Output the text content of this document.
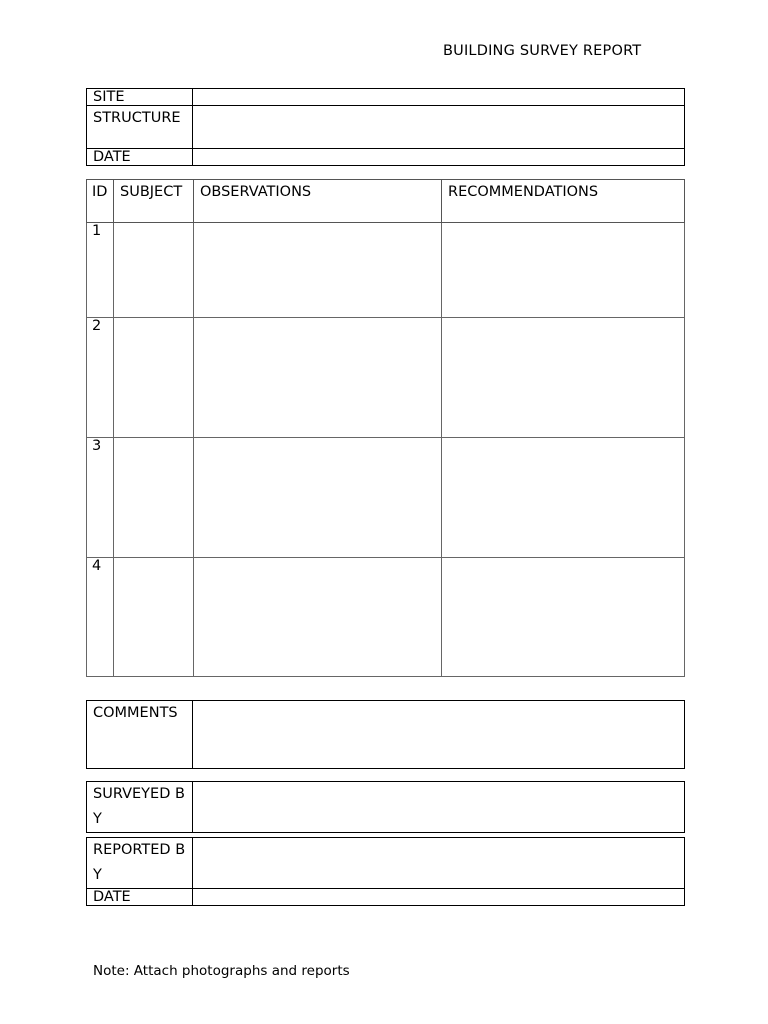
BUILDING SURVEY REPORT
SITE	
STRUCTURE	
DATE	
ID	SUBJECT	OBSERVATIONS	RECOMMENDATIONS
1			
2			
3			
4			
COMMENTS	
SURVEYED BY	
REPORTED BY	
DATE	
Note: Attach photographs and reports
